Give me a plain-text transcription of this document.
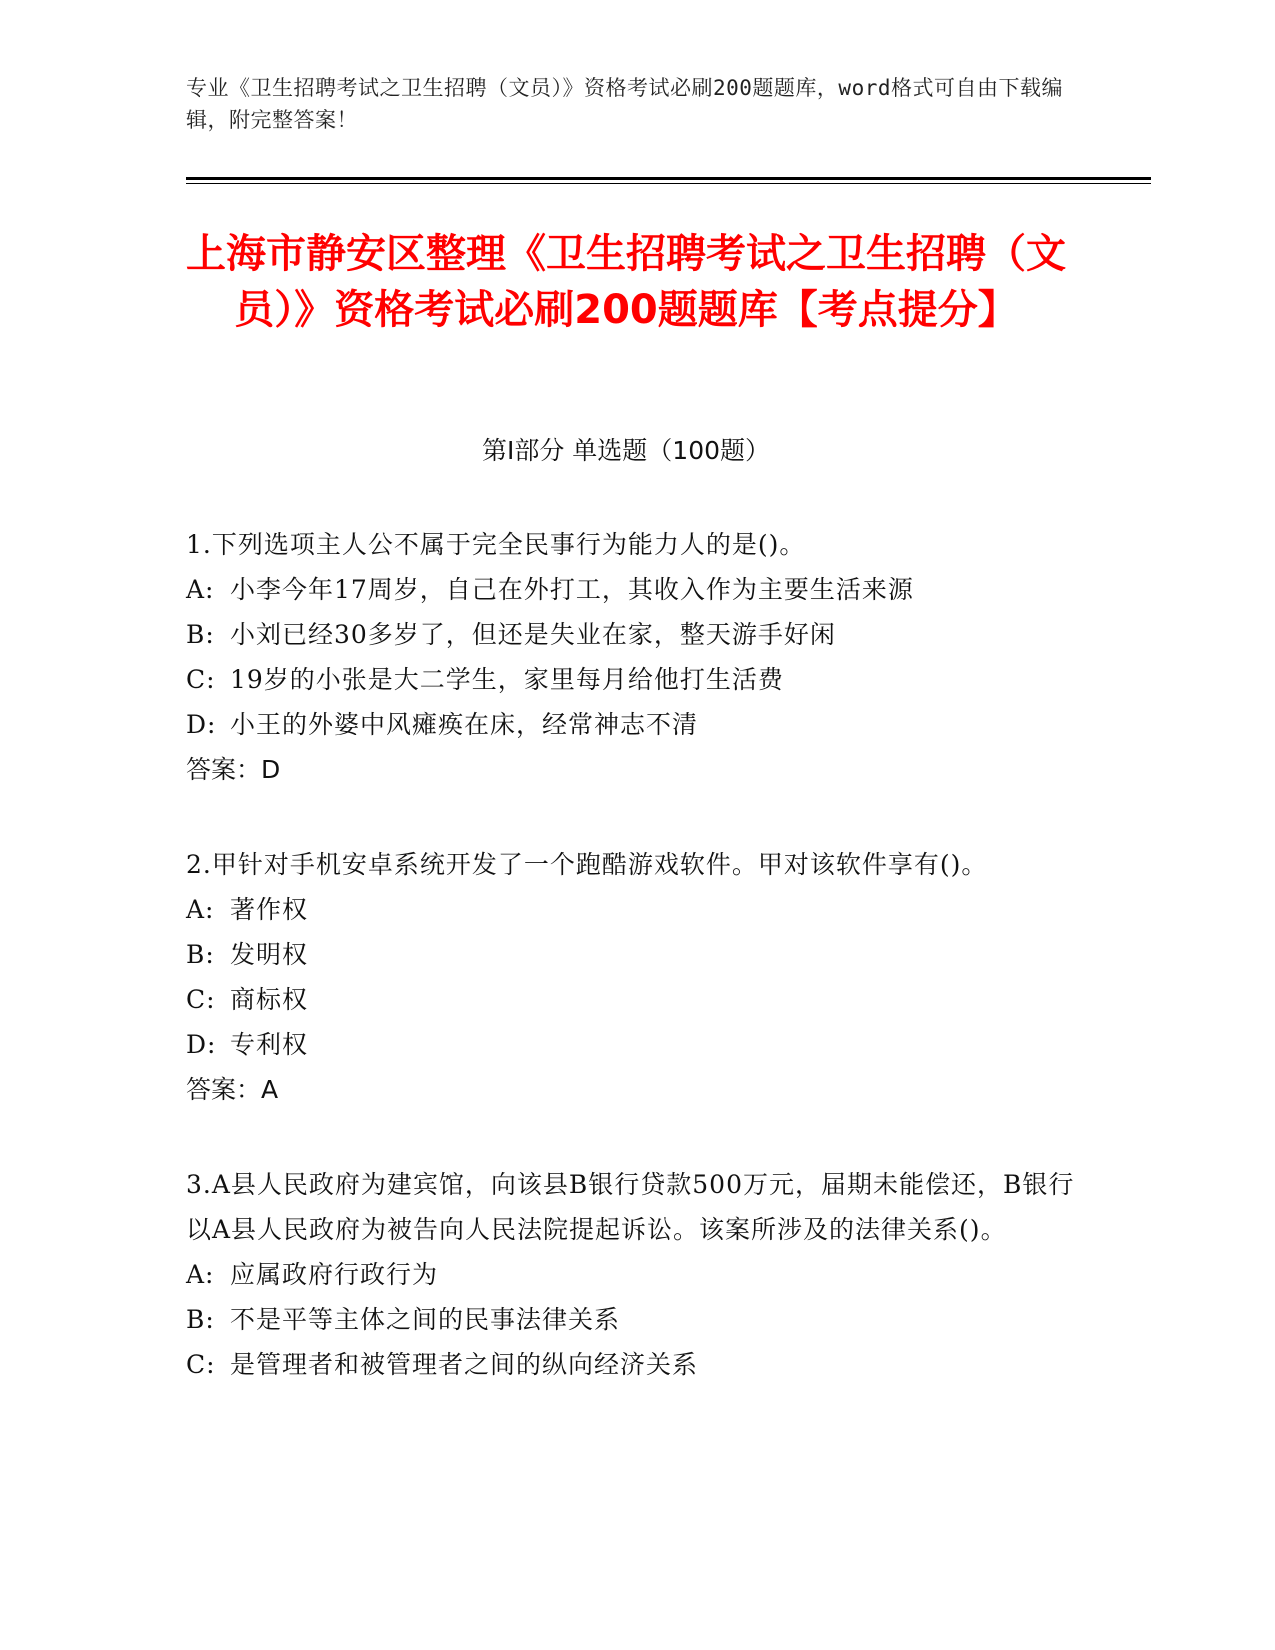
专业《卫生招聘考试之卫生招聘（文员）》资格考试必刷200题题库，word格式可自由下载编辑，附完整答案！
上海市静安区整理《卫生招聘考试之卫生招聘（文员）》资格考试必刷200题题库【考点提分】
第Ⅰ部分 单选题（100题）

1.下列选项主人公不属于完全民事行为能力人的是()。

A: 小李今年17周岁，自己在外打工，其收入作为主要生活来源

B: 小刘已经30多岁了，但还是失业在家，整天游手好闲

C: 19岁的小张是大二学生，家里每月给他打生活费

D: 小王的外婆中风瘫痪在床，经常神志不清

答案：D

2.甲针对手机安卓系统开发了一个跑酷游戏软件。甲对该软件享有()。

A: 著作权

B: 发明权

C: 商标权

D: 专利权

答案：A

3.A县人民政府为建宾馆，向该县B银行贷款500万元，届期未能偿还，B银行以A县人民政府为被告向人民法院提起诉讼。该案所涉及的法律关系()。

A: 应属政府行政行为

B: 不是平等主体之间的民事法律关系

C: 是管理者和被管理者之间的纵向经济关系
